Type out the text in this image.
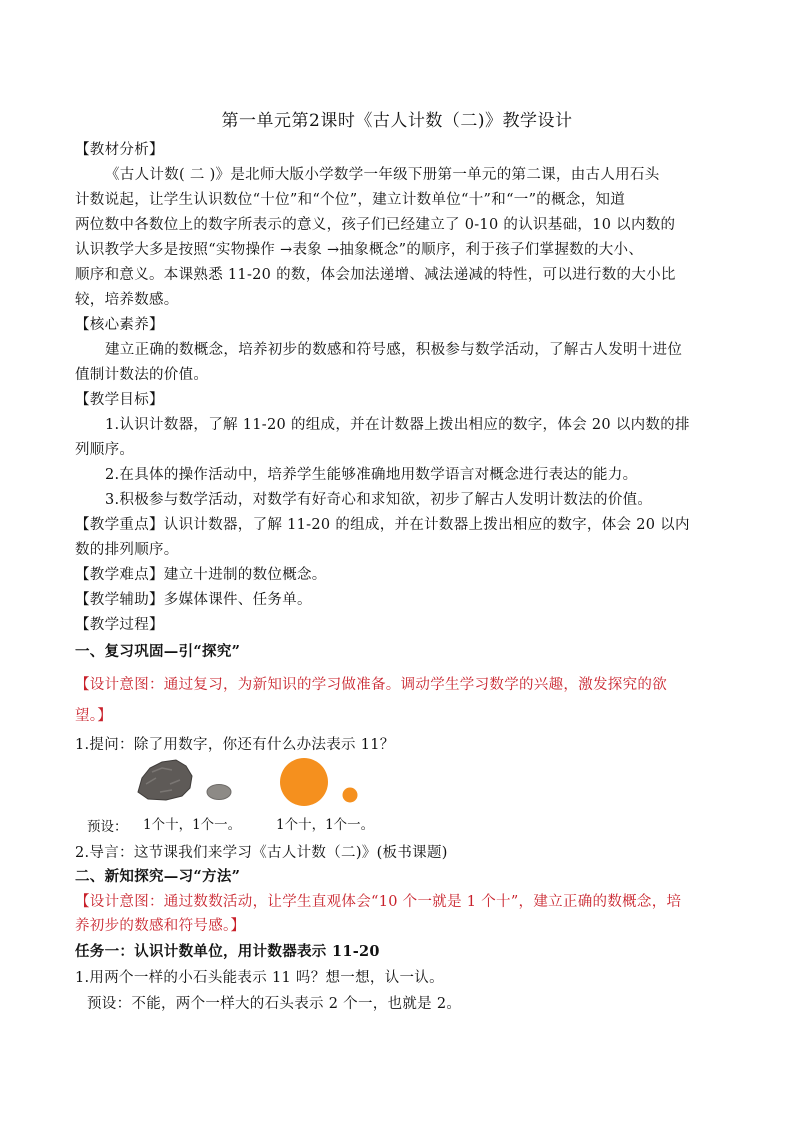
第一单元第2课时《古人计数（二)》教学设计
【教材分析】
《古人计数( 二 )》是北师大版小学数学一年级下册第一单元的第二课，由古人用石头
计数说起，让学生认识数位“十位”和“个位”，建立计数单位“十”和“一”的概念，知道
两位数中各数位上的数字所表示的意义，孩子们已经建立了 0-10 的认识基础，10 以内数的
认识教学大多是按照“实物操作 →表象 →抽象概念”的顺序，利于孩子们掌握数的大小、
顺序和意义。本课熟悉 11-20 的数，体会加法递增、减法递减的特性，可以进行数的大小比
较，培养数感。
【核心素养】
建立正确的数概念，培养初步的数感和符号感，积极参与数学活动，了解古人发明十进位
值制计数法的价值。
【教学目标】
1.认识计数器，了解 11-20 的组成，并在计数器上拨出相应的数字，体会 20 以内数的排
列顺序。
2.在具体的操作活动中，培养学生能够准确地用数学语言对概念进行表达的能力。
3.积极参与数学活动，对数学有好奇心和求知欲，初步了解古人发明计数法的价值。
【教学重点】认识计数器，了解 11-20 的组成，并在计数器上拨出相应的数字，体会 20 以内
数的排列顺序。
【教学难点】建立十进制的数位概念。
【教学辅助】多媒体课件、任务单。
【教学过程】
一、复习巩固—引“探究”
【设计意图：通过复习，为新知识的学习做准备。调动学生学习数学的兴趣，激发探究的欲
望。】
1.提问：除了用数字，你还有什么办法表示 11？
预设： 1个十，1个一。	1个十，1个一。
2.导言：这节课我们来学习《古人计数（二)》(板书课题)
二、新知探究—习“方法”
【设计意图：通过数数活动，让学生直观体会“10 个一就是 1 个十”，建立正确的数概念，培
养初步的数感和符号感。】
任务一：认识计数单位，用计数器表示 11-20
1.用两个一样的小石头能表示 11 吗？想一想，认一认。
预设：不能，两个一样大的石头表示 2 个一，也就是 2。
